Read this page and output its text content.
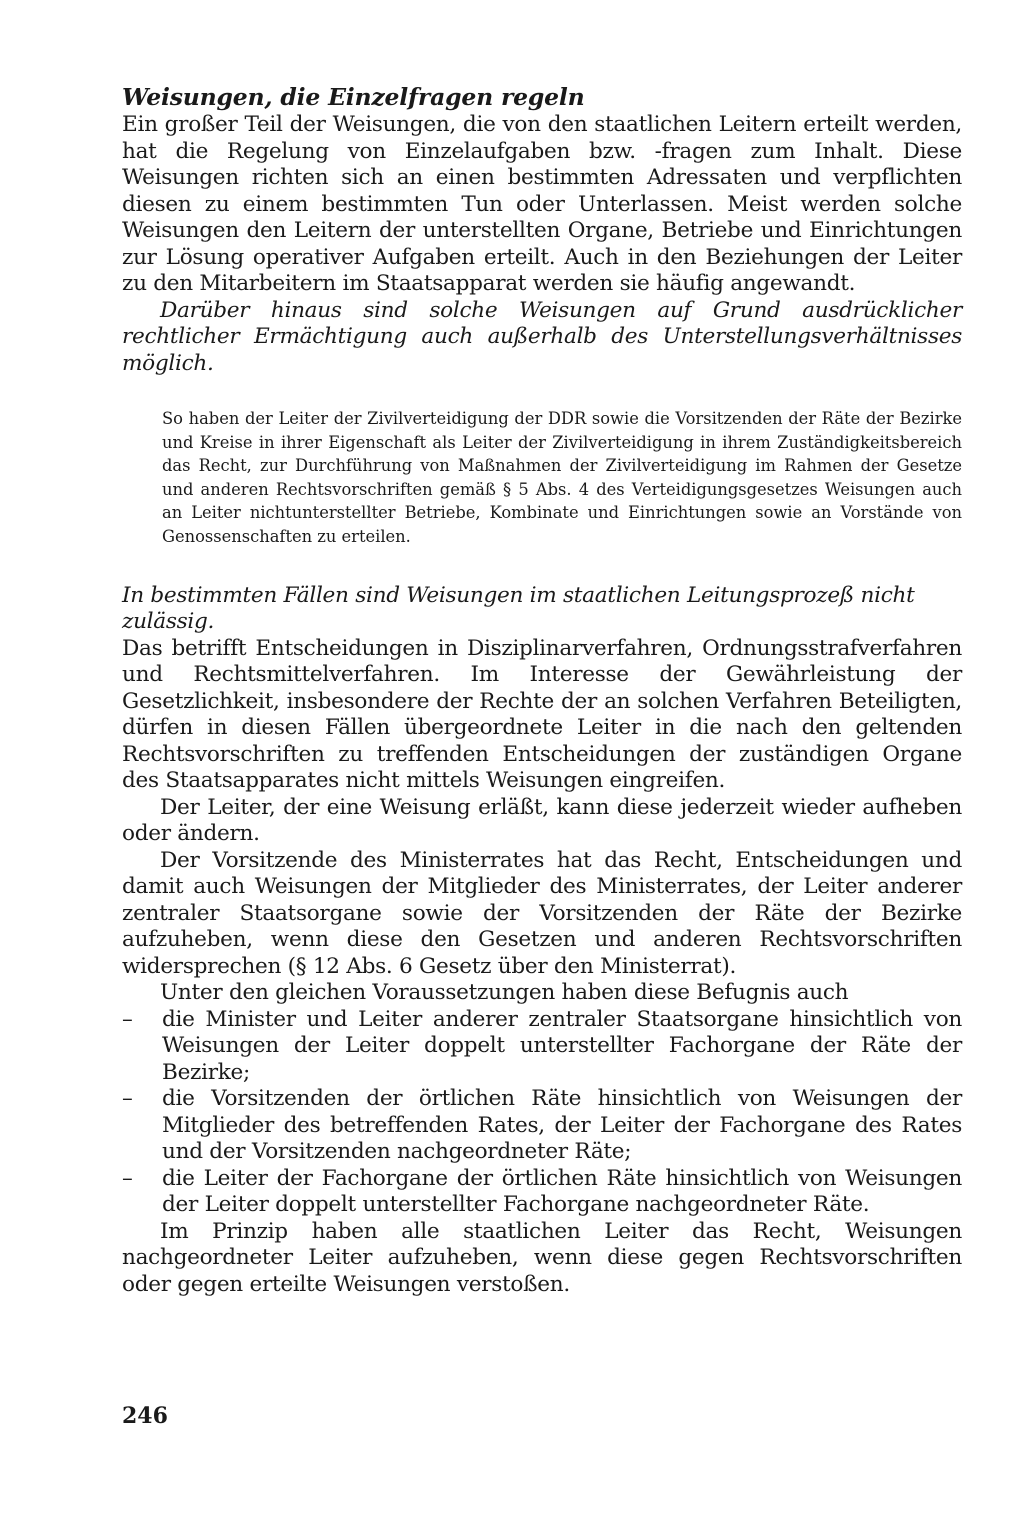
Weisungen, die Einzelfragen regeln

Ein großer Teil der Weisungen, die von den staatlichen Leitern erteilt werden, hat die Regelung von Einzelaufgaben bzw. -fragen zum Inhalt. Diese Weisungen richten sich an einen bestimmten Adressaten und verpflichten diesen zu einem bestimmten Tun oder Unterlassen. Meist werden solche Weisungen den Leitern der unterstellten Organe, Betriebe und Einrichtungen zur Lösung operativer Aufgaben erteilt. Auch in den Beziehungen der Leiter zu den Mitarbeitern im Staatsapparat werden sie häufig angewandt.

Darüber hinaus sind solche Weisungen auf Grund ausdrücklicher rechtlicher Ermächtigung auch außerhalb des Unterstellungsverhältnisses möglich.

So haben der Leiter der Zivilverteidigung der DDR sowie die Vorsitzenden der Räte der Bezirke und Kreise in ihrer Eigenschaft als Leiter der Zivilverteidigung in ihrem Zuständigkeitsbereich das Recht, zur Durchführung von Maßnahmen der Zivilverteidigung im Rahmen der Gesetze und anderen Rechtsvorschriften gemäß § 5 Abs. 4 des Verteidigungsgesetzes Weisungen auch an Leiter nichtunterstellter Betriebe, Kombinate und Einrichtungen sowie an Vorstände von Genossenschaften zu erteilen.

In bestimmten Fällen sind Weisungen im staatlichen Leitungsprozeß nicht zulässig.

Das betrifft Entscheidungen in Disziplinarverfahren, Ordnungsstrafverfahren und Rechtsmittelverfahren. Im Interesse der Gewährleistung der Gesetzlichkeit, insbesondere der Rechte der an solchen Verfahren Beteiligten, dürfen in diesen Fällen übergeordnete Leiter in die nach den geltenden Rechtsvorschriften zu treffenden Entscheidungen der zuständigen Organe des Staatsapparates nicht mittels Weisungen eingreifen.

Der Leiter, der eine Weisung erläßt, kann diese jederzeit wieder aufheben oder ändern.

Der Vorsitzende des Ministerrates hat das Recht, Entscheidungen und damit auch Weisungen der Mitglieder des Ministerrates, der Leiter anderer zentraler Staatsorgane sowie der Vorsitzenden der Räte der Bezirke aufzuheben, wenn diese den Gesetzen und anderen Rechtsvorschriften widersprechen (§ 12 Abs. 6 Gesetz über den Ministerrat).

Unter den gleichen Voraussetzungen haben diese Befugnis auch

– die Minister und Leiter anderer zentraler Staatsorgane hinsichtlich von Weisungen der Leiter doppelt unterstellter Fachorgane der Räte der Bezirke;
– die Vorsitzenden der örtlichen Räte hinsichtlich von Weisungen der Mitglieder des betreffenden Rates, der Leiter der Fachorgane des Rates und der Vorsitzenden nachgeordneter Räte;
– die Leiter der Fachorgane der örtlichen Räte hinsichtlich von Weisungen der Leiter doppelt unterstellter Fachorgane nachgeordneter Räte.

Im Prinzip haben alle staatlichen Leiter das Recht, Weisungen nachgeordneter Leiter aufzuheben, wenn diese gegen Rechtsvorschriften oder gegen erteilte Weisungen verstoßen.

246
